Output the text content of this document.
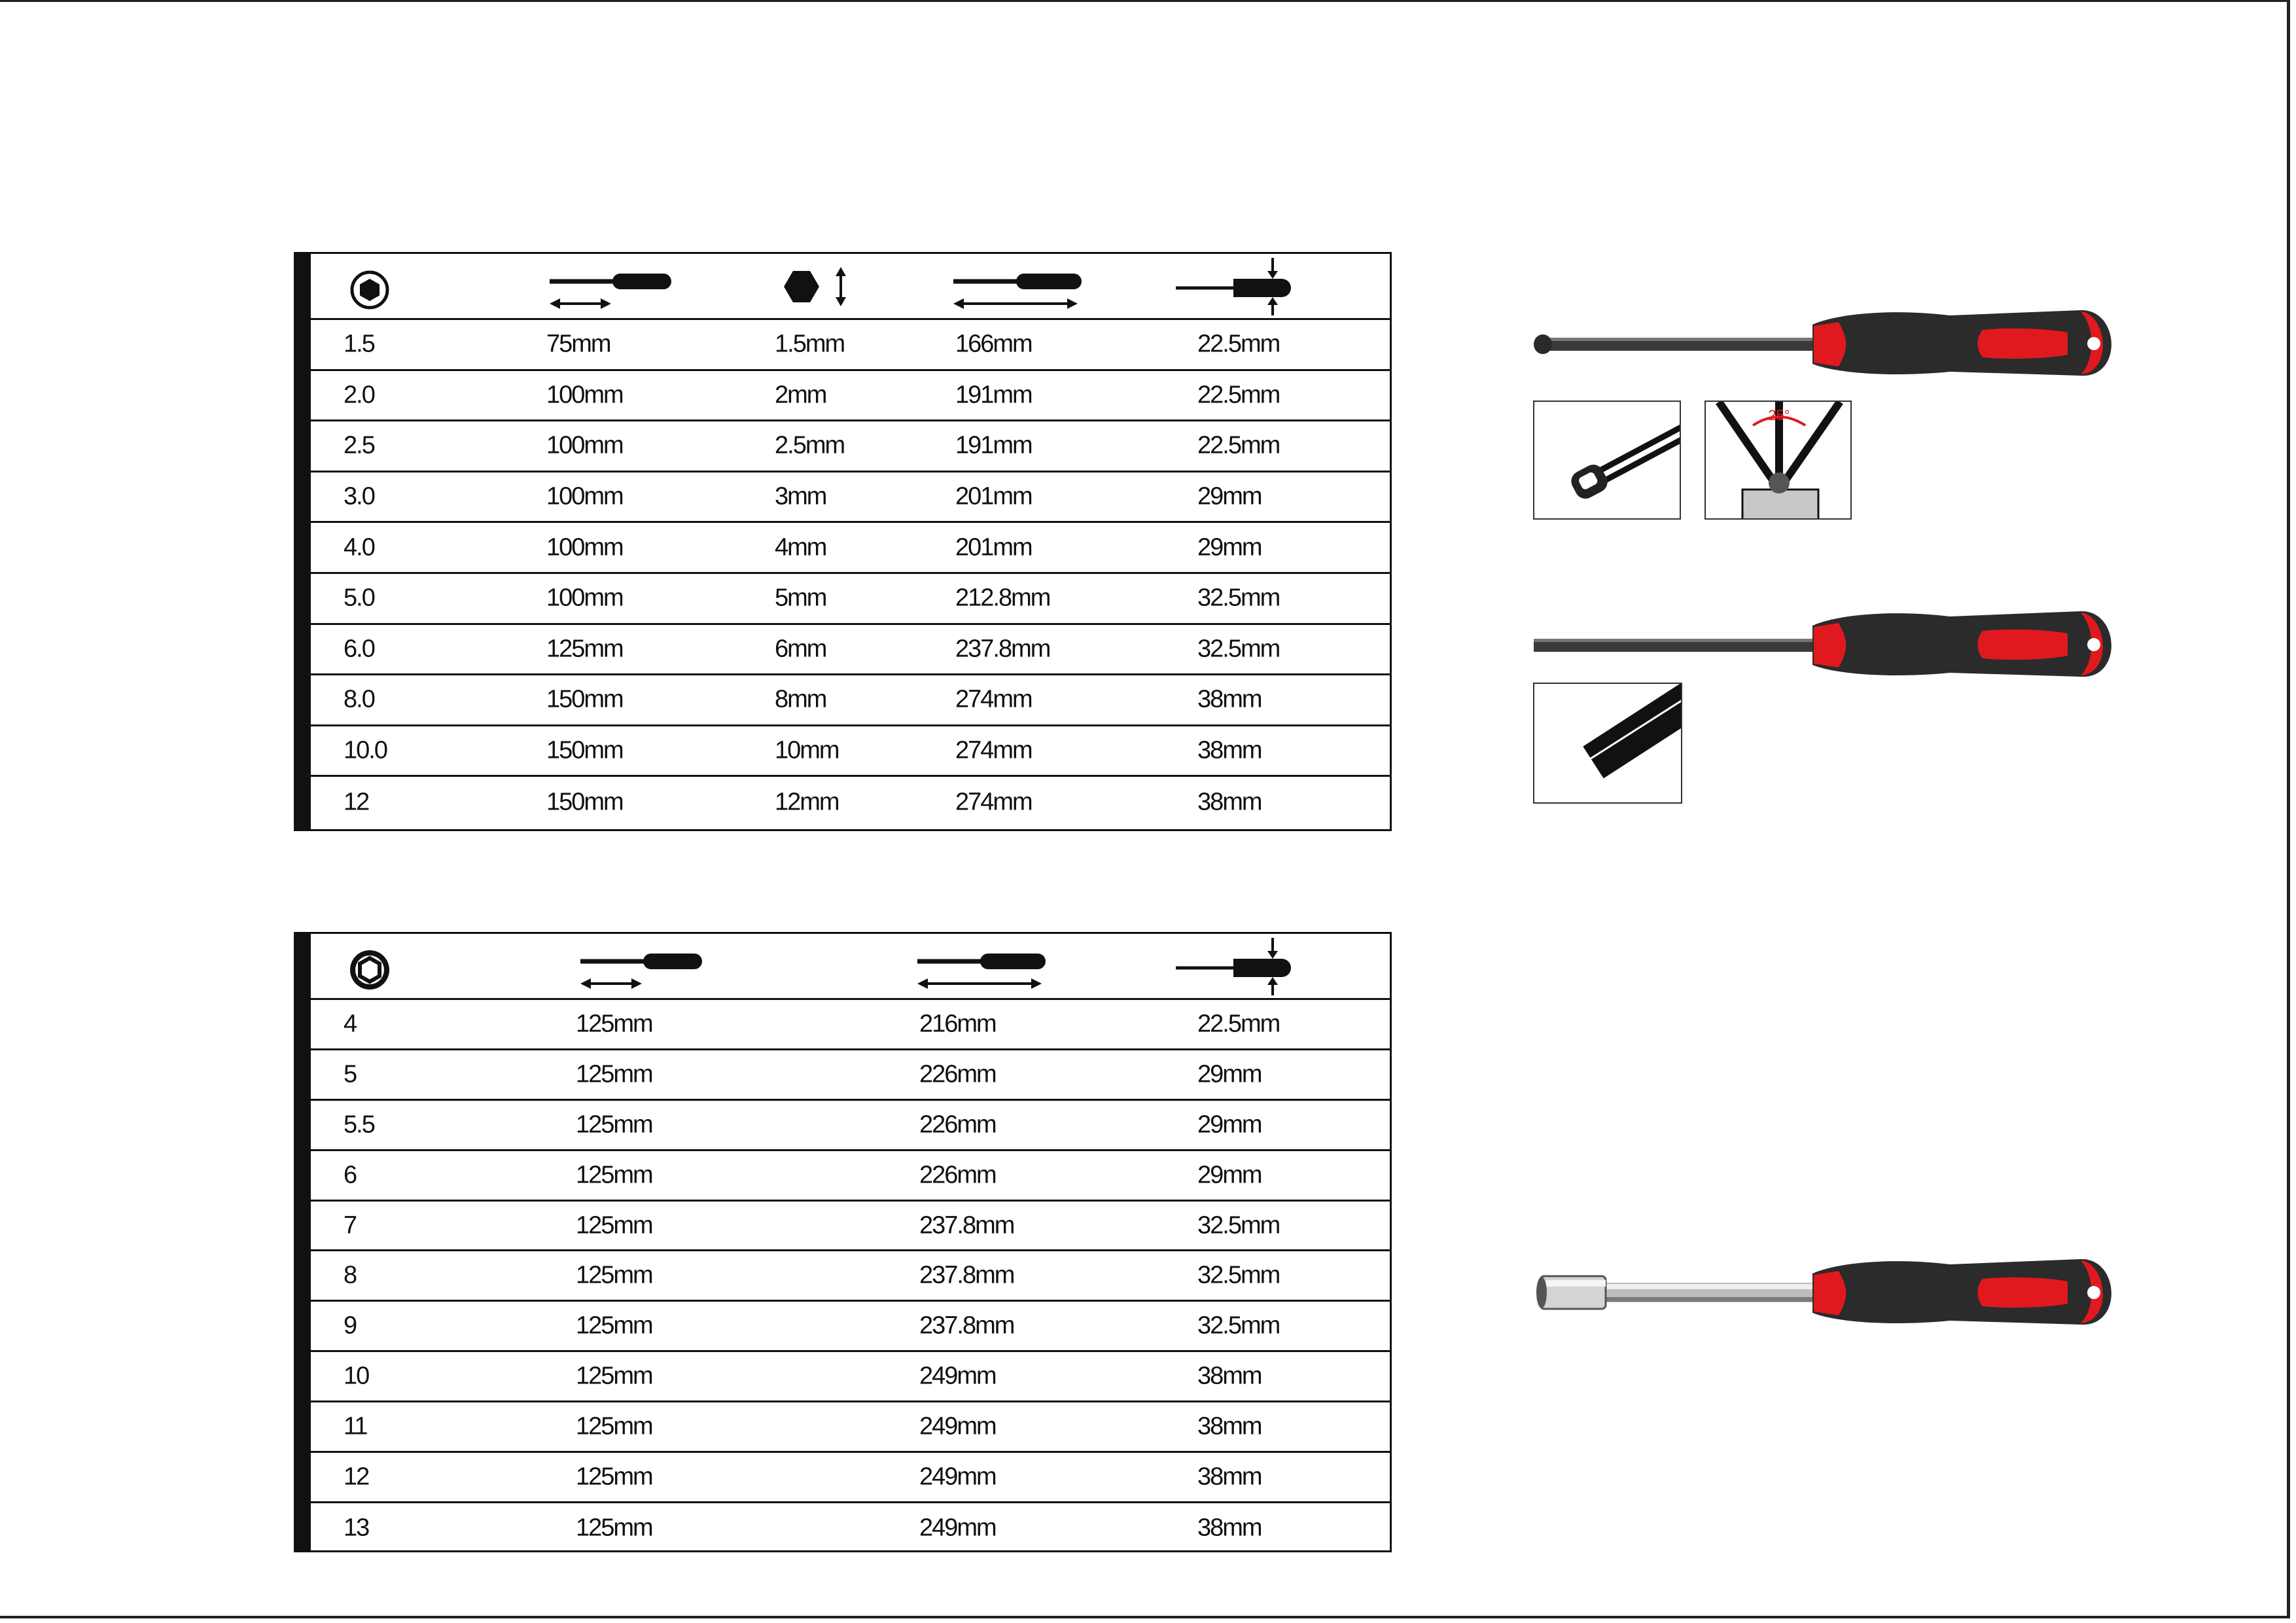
1.5	75mm	1.5mm	166mm	22.5mm
2.0	100mm	2mm	191mm	22.5mm
2.5	100mm	2.5mm	191mm	22.5mm
3.0	100mm	3mm	201mm	29mm
4.0	100mm	4mm	201mm	29mm
5.0	100mm	5mm	212.8mm	32.5mm
6.0	125mm	6mm	237.8mm	32.5mm
8.0	150mm	8mm	274mm	38mm
10.0	150mm	10mm	274mm	38mm
12	150mm	12mm	274mm	38mm
4	125mm	216mm	22.5mm
5	125mm	226mm	29mm
5.5	125mm	226mm	29mm
6	125mm	226mm	29mm
7	125mm	237.8mm	32.5mm
8	125mm	237.8mm	32.5mm
9	125mm	237.8mm	32.5mm
10	125mm	249mm	38mm
11	125mm	249mm	38mm
12	125mm	249mm	38mm
13	125mm	249mm	38mm
25°
